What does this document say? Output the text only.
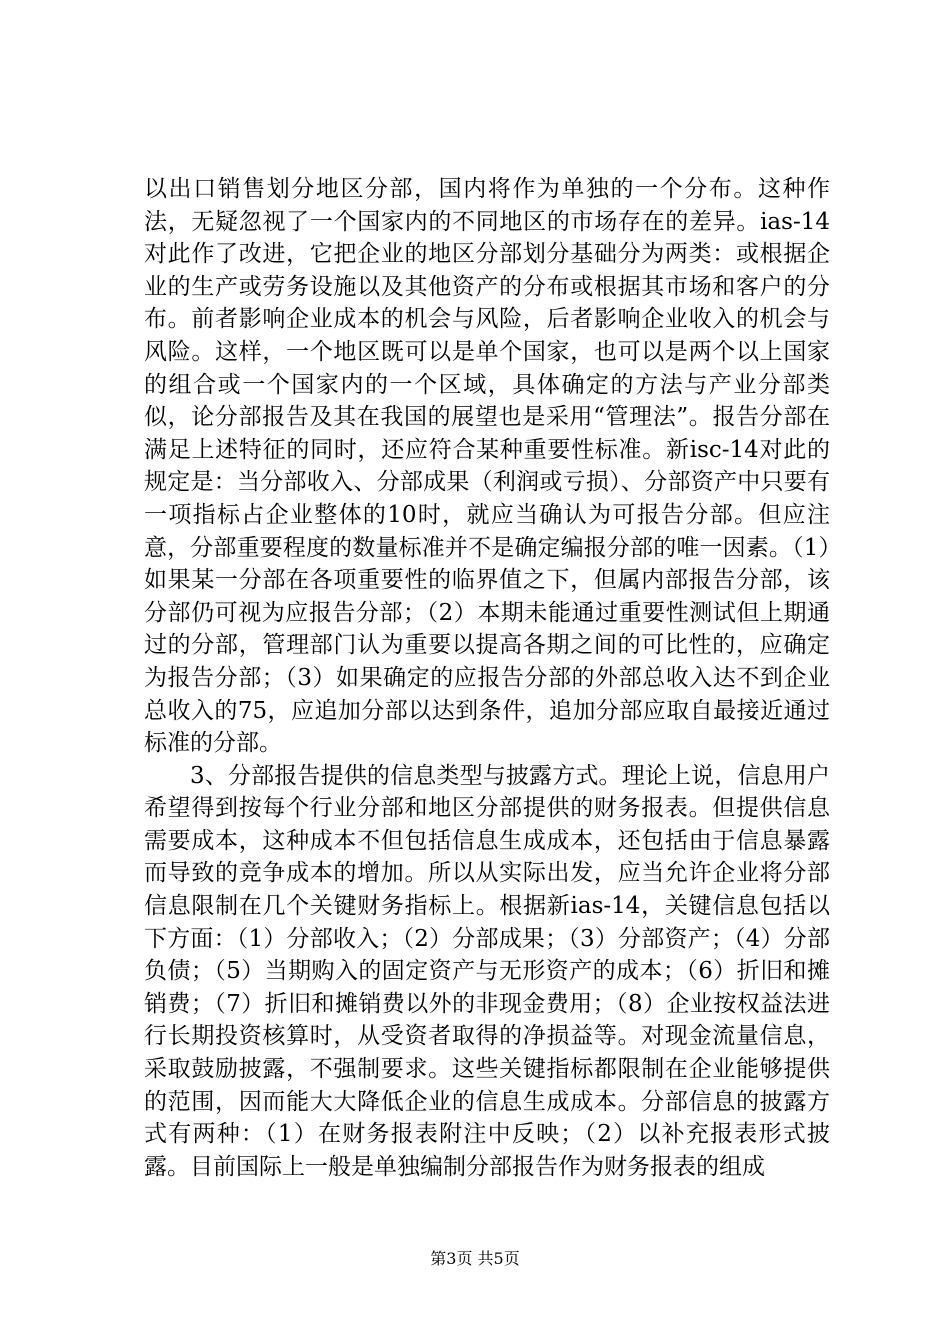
以出口销售划分地区分部，国内将作为单独的一个分布。这种作法，无疑忽视了一个国家内的不同地区的市场存在的差异。ias-14对此作了改进，它把企业的地区分部划分基础分为两类：或根据企业的生产或劳务设施以及其他资产的分布或根据其市场和客户的分布。前者影响企业成本的机会与风险，后者影响企业收入的机会与风险。这样，一个地区既可以是单个国家，也可以是两个以上国家的组合或一个国家内的一个区域，具体确定的方法与产业分部类似，论分部报告及其在我国的展望也是采用“管理法”。报告分部在满足上述特征的同时，还应符合某种重要性标准。新isc-14对此的规定是：当分部收入、分部成果（利润或亏损）、分部资产中只要有一项指标占企业整体的10时，就应当确认为可报告分部。但应注意，分部重要程度的数量标准并不是确定编报分部的唯一因素。（1）如果某一分部在各项重要性的临界值之下，但属内部报告分部，该分部仍可视为应报告分部；（2）本期未能通过重要性测试但上期通过的分部，管理部门认为重要以提高各期之间的可比性的，应确定为报告分部；（3）如果确定的应报告分部的外部总收入达不到企业总收入的75，应追加分部以达到条件，追加分部应取自最接近通过标准的分部。

3、分部报告提供的信息类型与披露方式。理论上说，信息用户希望得到按每个行业分部和地区分部提供的财务报表。但提供信息需要成本，这种成本不但包括信息生成成本，还包括由于信息暴露而导致的竞争成本的增加。所以从实际出发，应当允许企业将分部信息限制在几个关键财务指标上。根据新ias-14，关键信息包括以下方面：（1）分部收入；（2）分部成果；（3）分部资产；（4）分部负债；（5）当期购入的固定资产与无形资产的成本；（6）折旧和摊销费；（7）折旧和摊销费以外的非现金费用；（8）企业按权益法进行长期投资核算时，从受资者取得的净损益等。对现金流量信息，采取鼓励披露，不强制要求。这些关键指标都限制在企业能够提供的范围，因而能大大降低企业的信息生成成本。分部信息的披露方式有两种：（1）在财务报表附注中反映；（2）以补充报表形式披露。目前国际上一般是单独编制分部报告作为财务报表的组成

第3页 共5页
